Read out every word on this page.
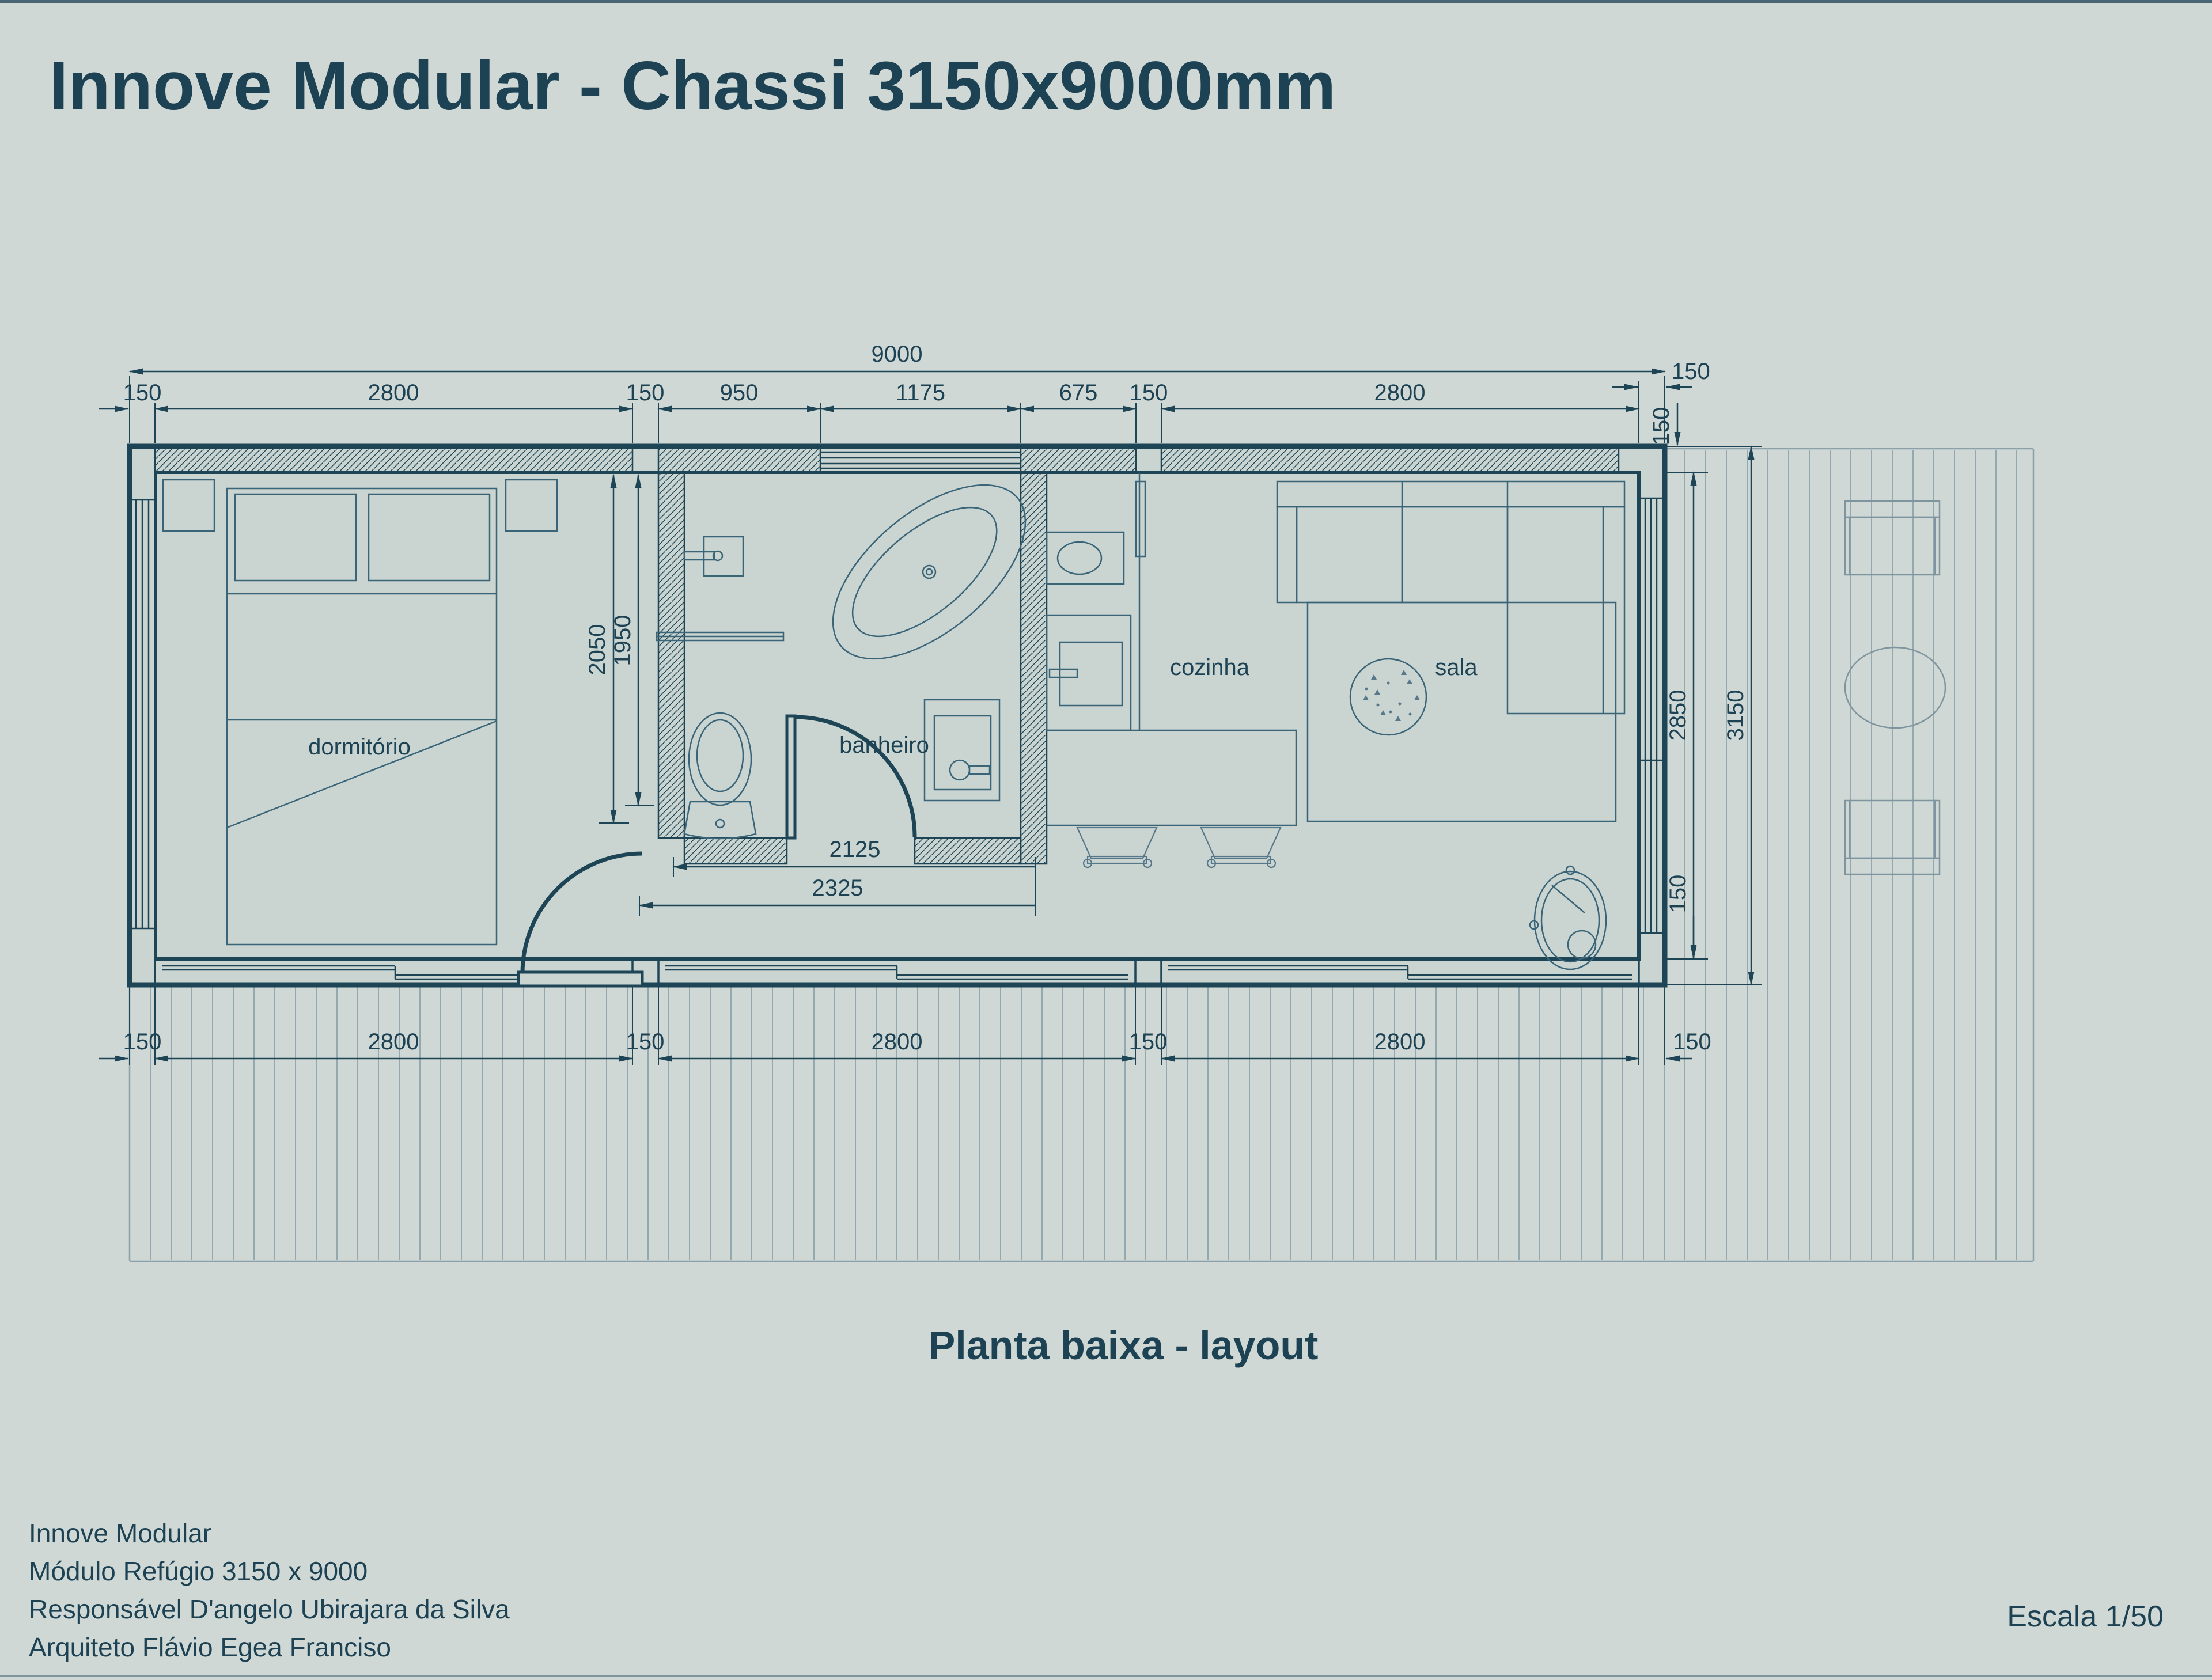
dormitório	banheiro
cozinha	sala
9000
150	2800	150 950	1175	675 150	2800
150
150
2850 3150
150
2050 1950
2125
2325
150	2800	150	2800	150	2800	150
Innove Modular - Chassi 3150x9000mm
Planta baixa - layout
Innove Modular
Módulo Refúgio 3150 x 9000
Responsável D'angelo Ubirajara da Silva
Arquiteto Flávio Egea Franciso
Escala 1/50
